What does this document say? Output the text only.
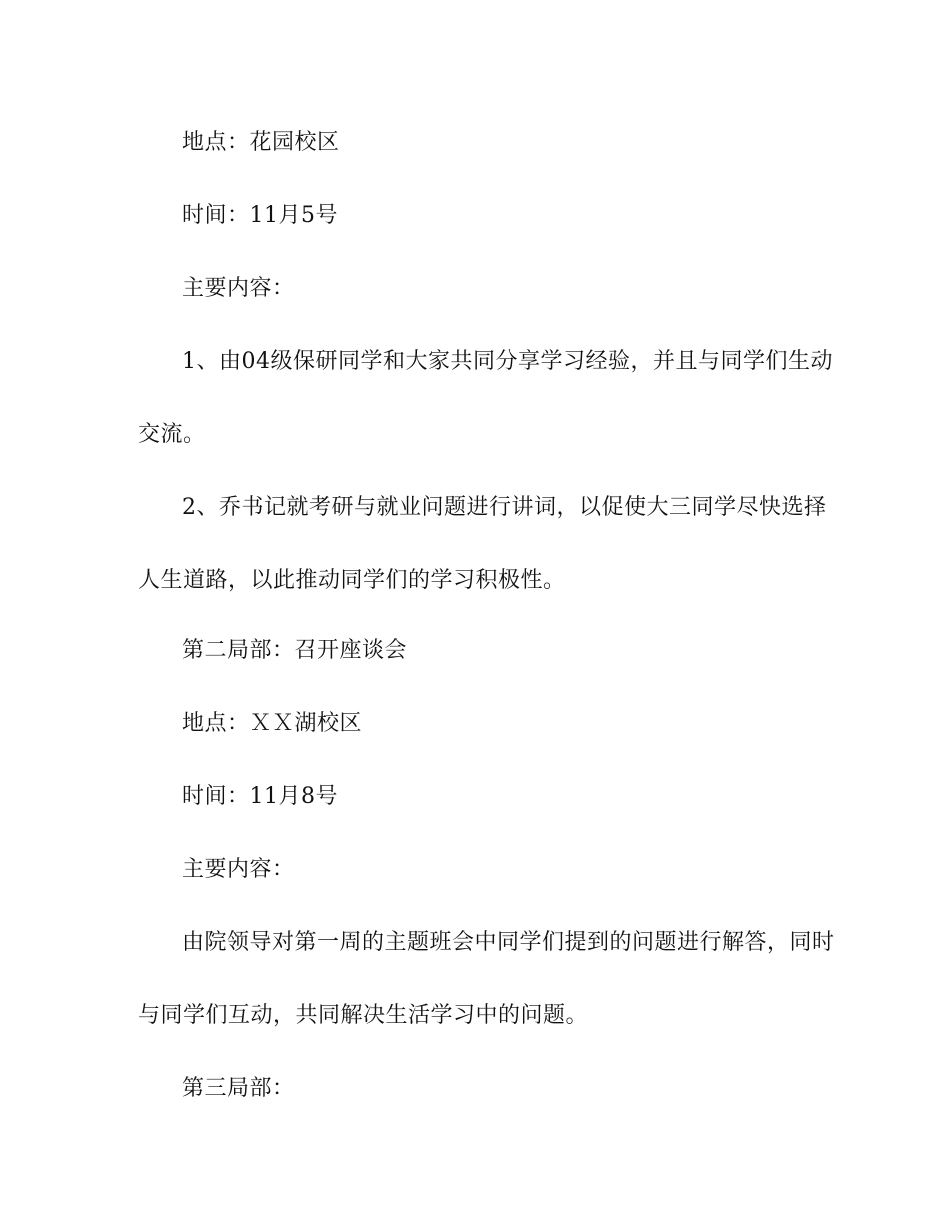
地点：花园校区
时间：11月5号
主要内容：
1、由04级保研同学和大家共同分享学习经验，并且与同学们生动
交流。
2、乔书记就考研与就业问题进行讲词，以促使大三同学尽快选择
人生道路，以此推动同学们的学习积极性。
第二局部：召开座谈会
地点：ＸＸ湖校区
时间：11月8号
主要内容：
由院领导对第一周的主题班会中同学们提到的问题进行解答，同时
与同学们互动，共同解决生活学习中的问题。
第三局部：
